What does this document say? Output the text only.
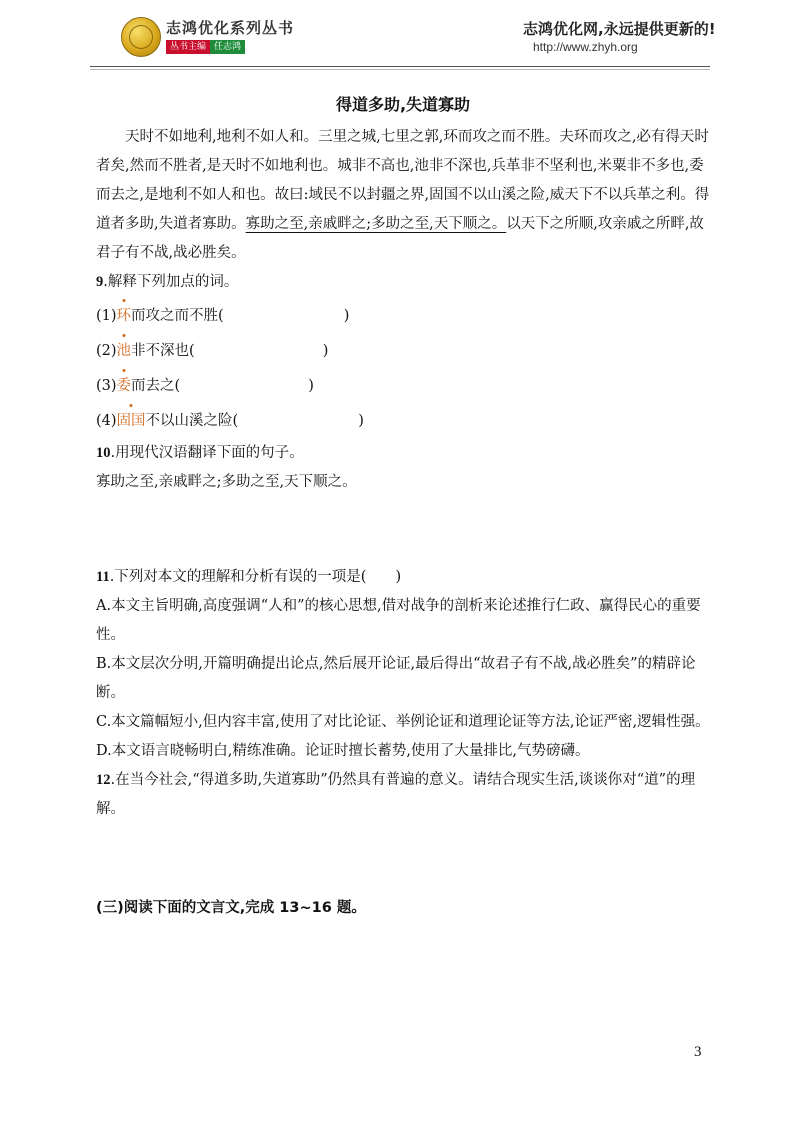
志鸿优化系列丛书
丛书主编 任志鸿
志鸿优化网,永远提供更新的!
http://www.zhyh.org
得道多助,失道寡助

天时不如地利,地利不如人和。三里之城,七里之郭,环而攻之而不胜。夫环而攻之,必有得天时者矣,然而不胜者,是天时不如地利也。城非不高也,池非不深也,兵革非不坚利也,米粟非不多也,委而去之,是地利不如人和也。故曰:域民不以封疆之界,固国不以山溪之险,威天下不以兵革之利。得道者多助,失道者寡助。寡助之至,亲戚畔之;多助之至,天下顺之。以天下之所顺,攻亲戚之所畔,故君子有不战,战必胜矣。

9.解释下列加点的词。

(1) 环 而攻之而不胜(	)
(2) 池 非不深也(	)
(3) 委 而去之(	)
(4) 固国 不以山溪之险(	)

10.用现代汉语翻译下面的句子。

寡助之至,亲戚畔之;多助之至,天下顺之。

11.下列对本文的理解和分析有误的一项是(　　)

A.本文主旨明确,高度强调“人和”的核心思想,借对战争的剖析来论述推行仁政、赢得民心的重要性。

B.本文层次分明,开篇明确提出论点,然后展开论证,最后得出“故君子有不战,战必胜矣”的精辟论断。

C.本文篇幅短小,但内容丰富,使用了对比论证、举例论证和道理论证等方法,论证严密,逻辑性强。

D.本文语言晓畅明白,精练准确。论证时擅长蓄势,使用了大量排比,气势磅礴。

12.在当今社会,“得道多助,失道寡助”仍然具有普遍的意义。请结合现实生活,谈谈你对“道”的理解。

(三)阅读下面的文言文,完成 13~16 题。

3
